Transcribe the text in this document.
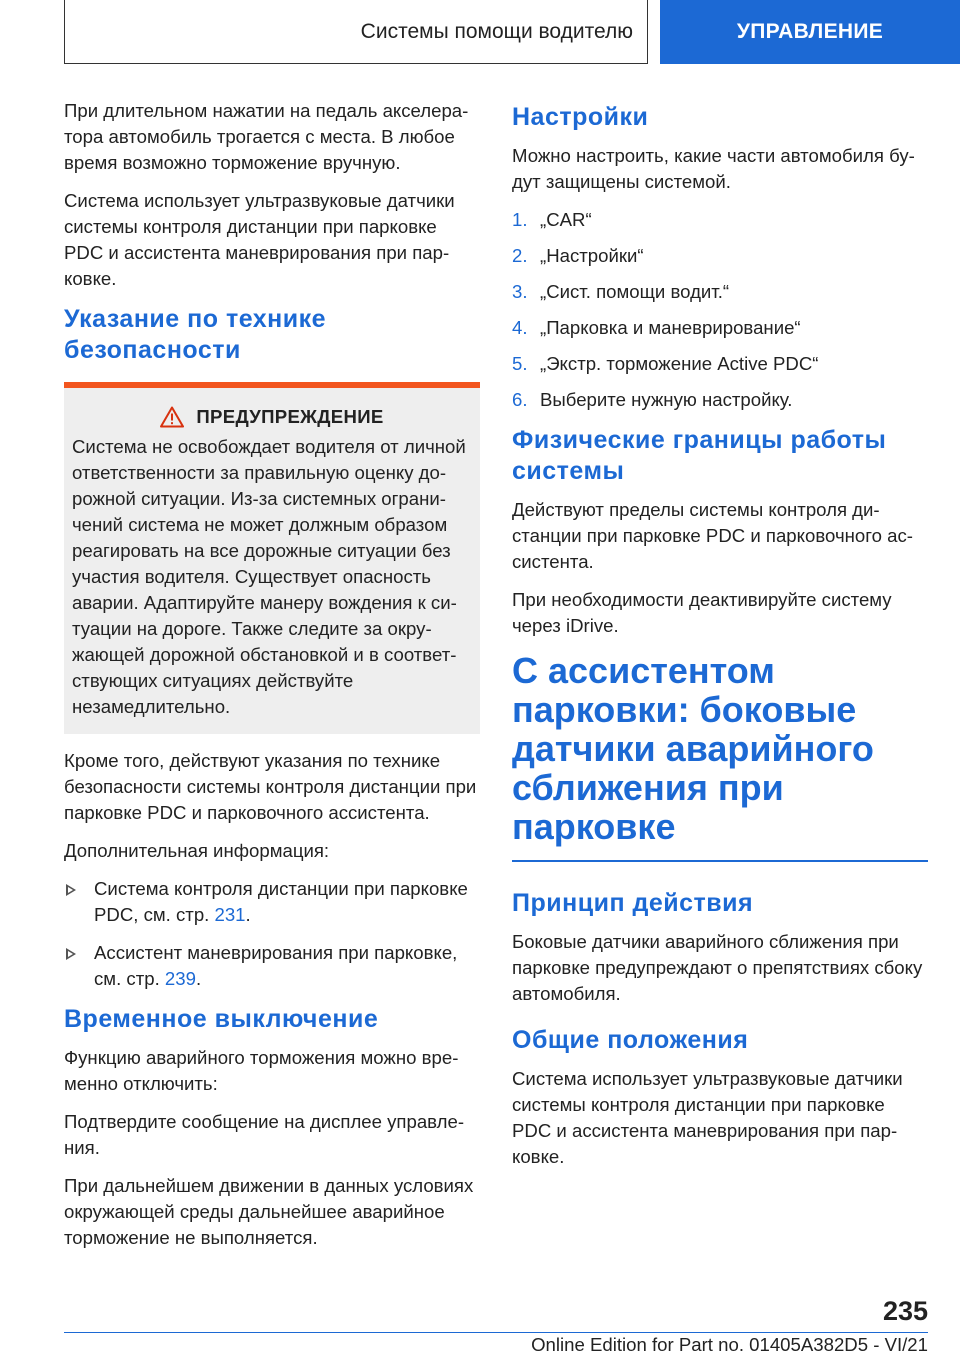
Системы помощи водителю	УПРАВЛЕНИЕ

При длительном нажатии на педаль акселера-тора автомобиль трогается с места. В любое время возможно торможение вручную.

Система использует ультразвуковые датчики системы контроля дистанции при парковке PDC и ассистента маневрирования при пар-ковке.

Указание по технике безопасности
ПРЕДУПРЕЖДЕНИЕ

Система не освобождает водителя от личной ответственности за правильную оценку до-рожной ситуации. Из-за системных ограни-чений система не может должным образом реагировать на все дорожные ситуации без участия водителя. Существует опасность аварии. Адаптируйте манеру вождения к си-туации на дороге. Также следите за окру-жающей дорожной обстановкой и в соответ-ствующих ситуациях действуйте незамедлительно.

Кроме того, действуют указания по технике безопасности системы контроля дистанции при парковке PDC и парковочного ассистента.

Дополнительная информация:

Система контроля дистанции при парковке PDC, см. стр. 231.
Ассистент маневрирования при парковке, см. стр. 239.
Временное выключение

Функцию аварийного торможения можно вре-менно отключить:

Подтвердите сообщение на дисплее управле-ния.

При дальнейшем движении в данных условиях окружающей среды дальнейшее аварийное торможение не выполняется.

Настройки

Можно настроить, какие части автомобиля бу-дут защищены системой.

1. „CAR“
2. „Настройки“
3. „Сист. помощи водит.“
4. „Парковка и маневрирование“
5. „Экстр. торможение Active PDC“
6. Выберите нужную настройку.
Физические границы работы системы

Действуют пределы системы контроля ди-станции при парковке PDC и парковочного ас-систента.

При необходимости деактивируйте систему через iDrive.

С ассистентом парковки: боковые датчики аварийного сближения при парковке
Принцип действия

Боковые датчики аварийного сближения при парковке предупреждают о препятствиях сбоку автомобиля.

Общие положения

Система использует ультразвуковые датчики системы контроля дистанции при парковке PDC и ассистента маневрирования при пар-ковке.

235
Online Edition for Part no. 01405A382D5 - VI/21
